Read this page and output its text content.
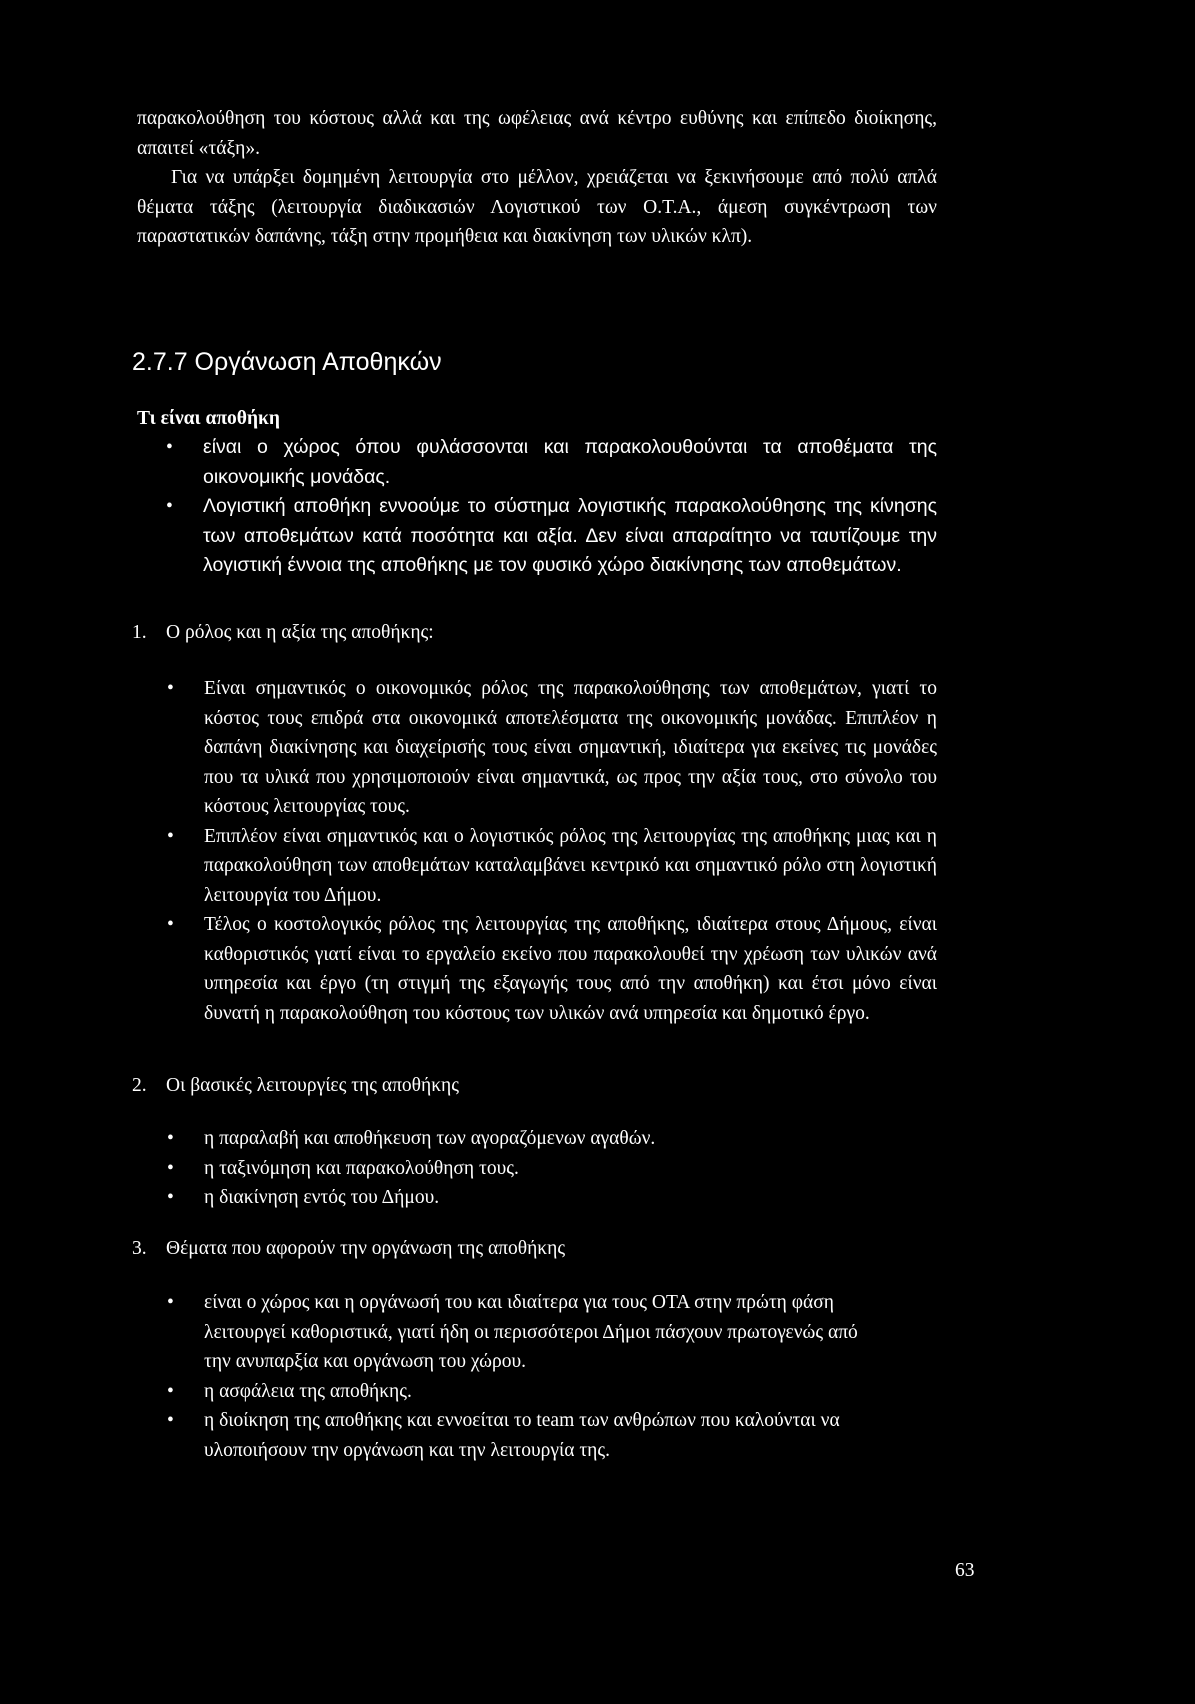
παρακολούθηση του κόστους αλλά και της ωφέλειας ανά κέντρο ευθύνης και επίπεδο διοίκησης, απαιτεί «τάξη».

Για να υπάρξει δομημένη λειτουργία στο μέλλον, χρειάζεται να ξεκινήσουμε από πολύ απλά θέματα τάξης (λειτουργία διαδικασιών Λογιστικού των Ο.Τ.Α., άμεση συγκέντρωση των παραστατικών δαπάνης, τάξη στην προμήθεια και διακίνηση των υλικών κλπ).

2.7.7 Οργάνωση Αποθηκών
Τι είναι αποθήκη
• είναι ο χώρος όπου φυλάσσονται και παρακολουθούνται τα αποθέματα της οικονομικής μονάδας.
• Λογιστική αποθήκη εννοούμε το σύστημα λογιστικής παρακολούθησης της κίνησης των αποθεμάτων κατά ποσότητα και αξία. Δεν είναι απαραίτητο να ταυτίζουμε την λογιστική έννοια της αποθήκης με τον φυσικό χώρο διακίνησης των αποθεμάτων.
1. Ο ρόλος και η αξία της αποθήκης:
• Είναι σημαντικός ο οικονομικός ρόλος της παρακολούθησης των αποθεμάτων, γιατί το κόστος τους επιδρά στα οικονομικά αποτελέσματα της οικονομικής μονάδας. Επιπλέον η δαπάνη διακίνησης και διαχείρισής τους είναι σημαντική, ιδιαίτερα για εκείνες τις μονάδες που τα υλικά που χρησιμοποιούν είναι σημαντικά, ως προς την αξία τους, στο σύνολο του κόστους λειτουργίας τους.
• Επιπλέον είναι σημαντικός και ο λογιστικός ρόλος της λειτουργίας της αποθήκης μιας και η παρακολούθηση των αποθεμάτων καταλαμβάνει κεντρικό και σημαντικό ρόλο στη λογιστική λειτουργία του Δήμου.
• Τέλος ο κοστολογικός ρόλος της λειτουργίας της αποθήκης, ιδιαίτερα στους Δήμους, είναι καθοριστικός γιατί είναι το εργαλείο εκείνο που παρακολουθεί την χρέωση των υλικών ανά υπηρεσία και έργο (τη στιγμή της εξαγωγής τους από την αποθήκη) και έτσι μόνο είναι δυνατή η παρακολούθηση του κόστους των υλικών ανά υπηρεσία και δημοτικό έργο.
2. Οι βασικές λειτουργίες της αποθήκης
• η παραλαβή και αποθήκευση των αγοραζόμενων αγαθών.
• η ταξινόμηση και παρακολούθηση τους.
• η διακίνηση εντός του Δήμου.
3. Θέματα που αφορούν την οργάνωση της αποθήκης
• είναι ο χώρος και η οργάνωσή του και ιδιαίτερα για τους ΟΤΑ στην πρώτη φάση λειτουργεί καθοριστικά, γιατί ήδη οι περισσότεροι Δήμοι πάσχουν πρωτογενώς από την ανυπαρξία και οργάνωση του χώρου.
• η ασφάλεια της αποθήκης.
• η διοίκηση της αποθήκης και εννοείται το team των ανθρώπων που καλούνται να υλοποιήσουν την οργάνωση και την λειτουργία της.
63
